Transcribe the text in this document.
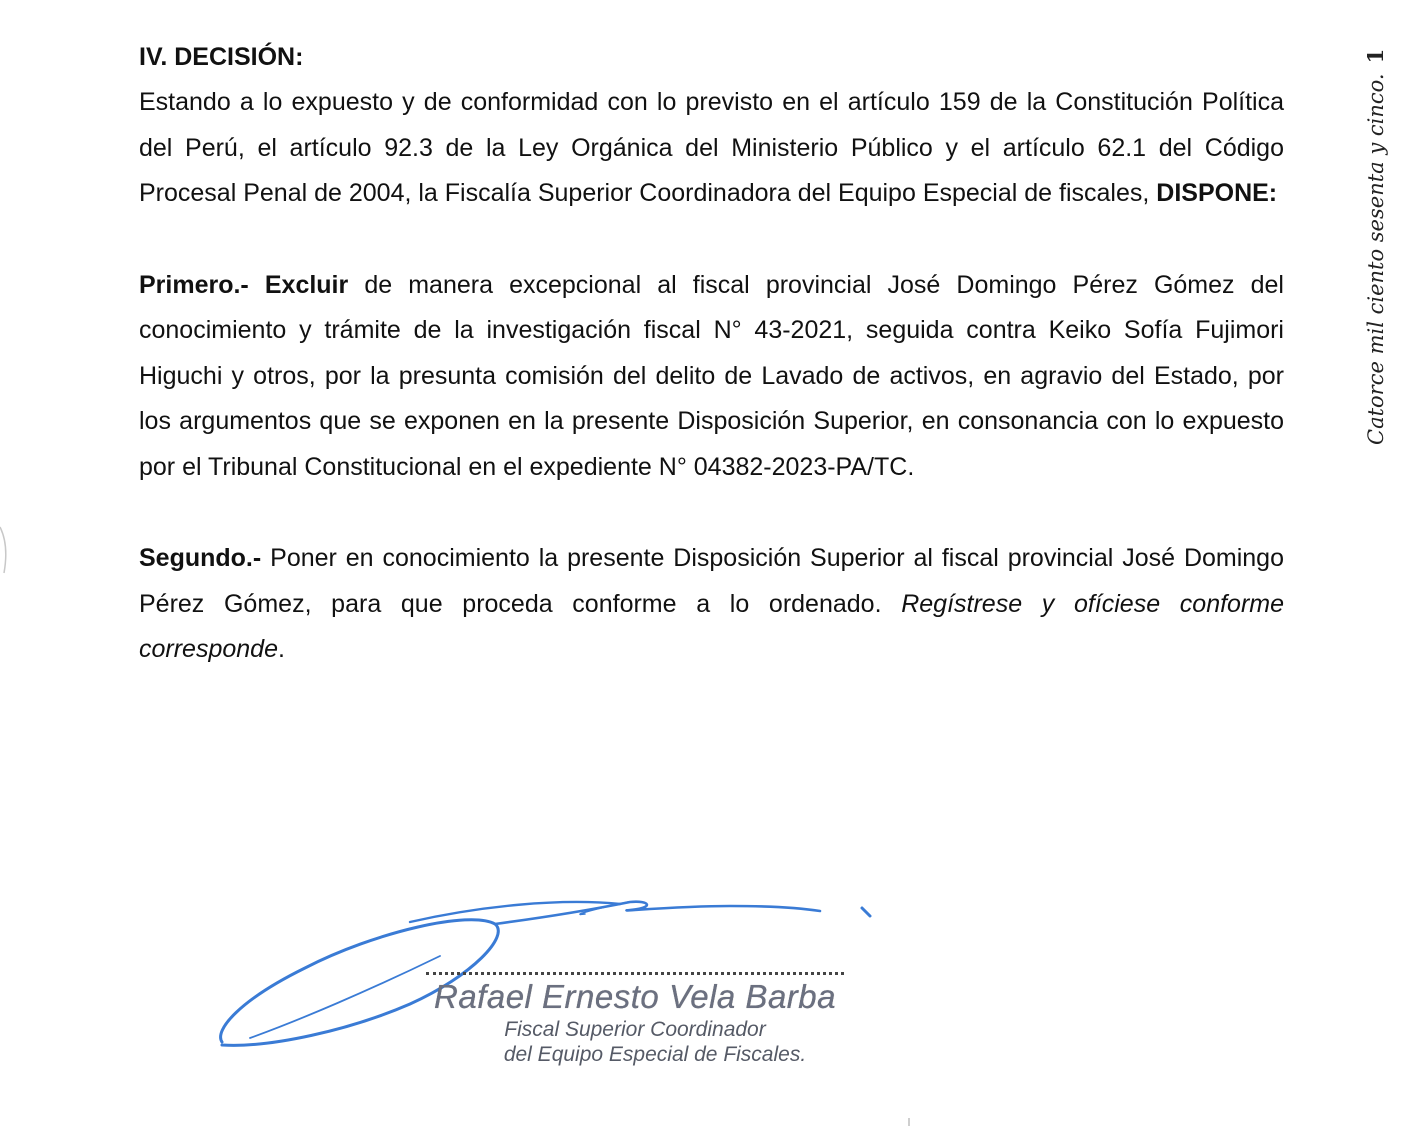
IV. DECISIÓN:

Estando a lo expuesto y de conformidad con lo previsto en el artículo 159 de la Constitución Política del Perú, el artículo 92.3 de la Ley Orgánica del Ministerio Público y el artículo 62.1 del Código Procesal Penal de 2004, la Fiscalía Superior Coordinadora del Equipo Especial de fiscales, DISPONE:

Primero.- Excluir de manera excepcional al fiscal provincial José Domingo Pérez Gómez del conocimiento y trámite de la investigación fiscal N° 43-2021, seguida contra Keiko Sofía Fujimori Higuchi y otros, por la presunta comisión del delito de Lavado de activos, en agravio del Estado, por los argumentos que se exponen en la presente Disposición Superior, en consonancia con lo expuesto por el Tribunal Constitucional en el expediente N° 04382-2023-PA/TC.

Segundo.- Poner en conocimiento la presente Disposición Superior al fiscal provincial José Domingo Pérez Gómez, para que proceda conforme a lo ordenado. Regístrese y ofíciese conforme corresponde.

Catorce mil ciento sesenta y cinco.1
Rafael Ernesto Vela Barba
Fiscal Superior Coordinador
del Equipo Especial de Fiscales.
